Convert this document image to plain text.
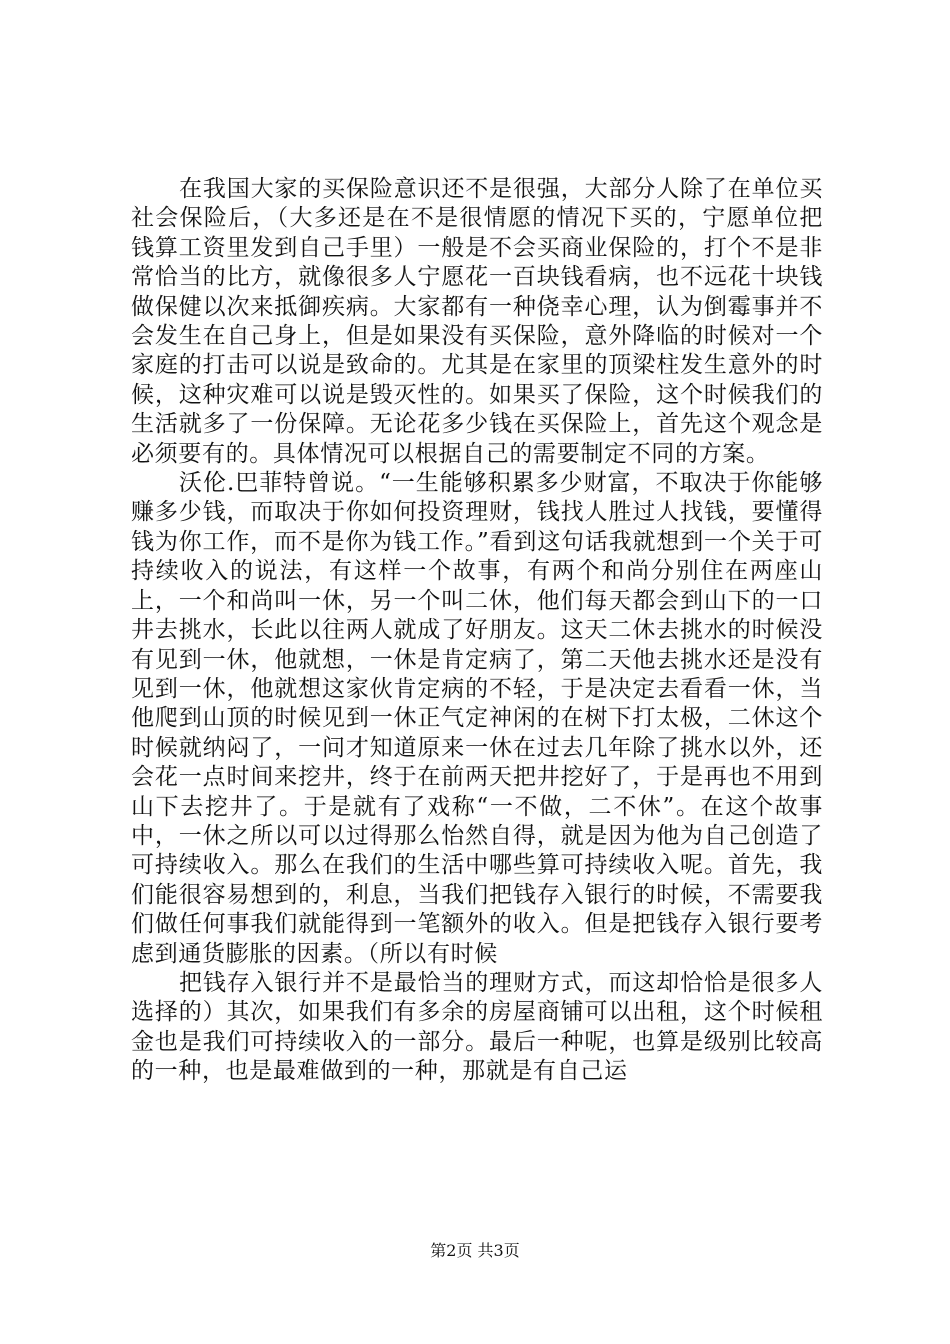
在我国大家的买保险意识还不是很强，大部分人除了在单位买社会保险后，（大多还是在不是很情愿的情况下买的，宁愿单位把钱算工资里发到自己手里）一般是不会买商业保险的，打个不是非常恰当的比方，就像很多人宁愿花一百块钱看病，也不远花十块钱做保健以次来抵御疾病。大家都有一种侥幸心理，认为倒霉事并不会发生在自己身上，但是如果没有买保险，意外降临的时候对一个家庭的打击可以说是致命的。尤其是在家里的顶梁柱发生意外的时候，这种灾难可以说是毁灭性的。如果买了保险，这个时候我们的生活就多了一份保障。无论花多少钱在买保险上，首先这个观念是必须要有的。具体情况可以根据自己的需要制定不同的方案。

沃伦.巴菲特曾说。“一生能够积累多少财富，不取决于你能够赚多少钱，而取决于你如何投资理财，钱找人胜过人找钱，要懂得钱为你工作，而不是你为钱工作。”看到这句话我就想到一个关于可持续收入的说法，有这样一个故事，有两个和尚分别住在两座山上，一个和尚叫一休，另一个叫二休，他们每天都会到山下的一口井去挑水，长此以往两人就成了好朋友。这天二休去挑水的时候没有见到一休，他就想，一休是肯定病了，第二天他去挑水还是没有见到一休，他就想这家伙肯定病的不轻，于是决定去看看一休，当他爬到山顶的时候见到一休正气定神闲的在树下打太极，二休这个时候就纳闷了，一问才知道原来一休在过去几年除了挑水以外，还会花一点时间来挖井，终于在前两天把井挖好了，于是再也不用到山下去挖井了。于是就有了戏称“一不做，二不休”。在这个故事中，一休之所以可以过得那么怡然自得，就是因为他为自己创造了可持续收入。那么在我们的生活中哪些算可持续收入呢。首先，我们能很容易想到的，利息，当我们把钱存入银行的时候，不需要我们做任何事我们就能得到一笔额外的收入。但是把钱存入银行要考虑到通货膨胀的因素。（所以有时候

把钱存入银行并不是最恰当的理财方式，而这却恰恰是很多人选择的）其次，如果我们有多余的房屋商铺可以出租，这个时候租金也是我们可持续收入的一部分。最后一种呢，也算是级别比较高的一种，也是最难做到的一种，那就是有自己运

第2页 共3页
